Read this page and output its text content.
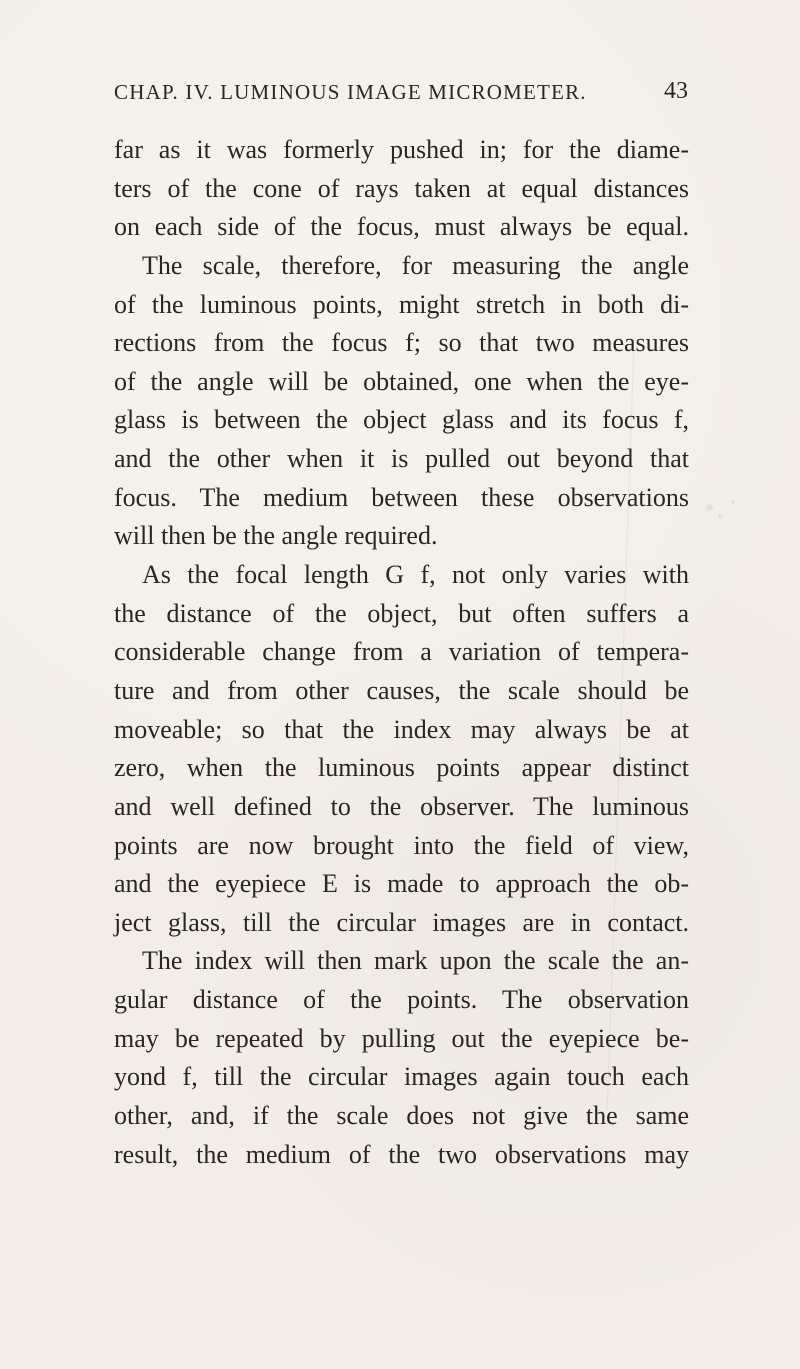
CHAP. IV. LUMINOUS IMAGE MICROMETER.	43
far as it was formerly pushed in; for the diame-
ters of the cone of rays taken at equal distances
on each side of the focus, must always be equal.
The scale, therefore, for measuring the angle
of the luminous points, might stretch in both di-
rections from the focus f; so that two measures
of the angle will be obtained, one when the eye-
glass is between the object glass and its focus f,
and the other when it is pulled out beyond that
focus. The medium between these observations
will then be the angle required.
As the focal length G f, not only varies with
the distance of the object, but often suffers a
considerable change from a variation of tempera-
ture and from other causes, the scale should be
moveable; so that the index may always be at
zero, when the luminous points appear distinct
and well defined to the observer. The luminous
points are now brought into the field of view,
and the eyepiece E is made to approach the ob-
ject glass, till the circular images are in contact.
The index will then mark upon the scale the an-
gular distance of the points. The observation
may be repeated by pulling out the eyepiece be-
yond f, till the circular images again touch each
other, and, if the scale does not give the same
result, the medium of the two observations may
